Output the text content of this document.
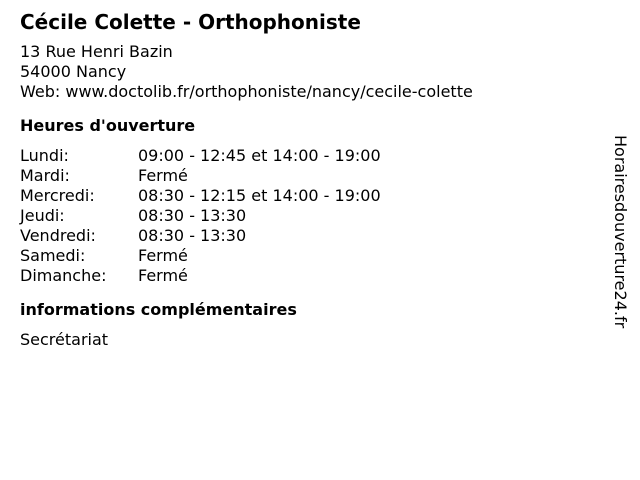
Cécile Colette - Orthophoniste
13 Rue Henri Bazin
54000 Nancy
Web: www.doctolib.fr/orthophoniste/nancy/cecile-colette
Heures d'ouverture
Lundi:	09:00 - 12:45 et 14:00 - 19:00
Mardi:	Fermé
Mercredi:	08:30 - 12:15 et 14:00 - 19:00
Jeudi:	08:30 - 13:30
Vendredi:	08:30 - 13:30
Samedi:	Fermé
Dimanche:	Fermé
informations complémentaires
Secrétariat
Horairesdouverture24.fr
